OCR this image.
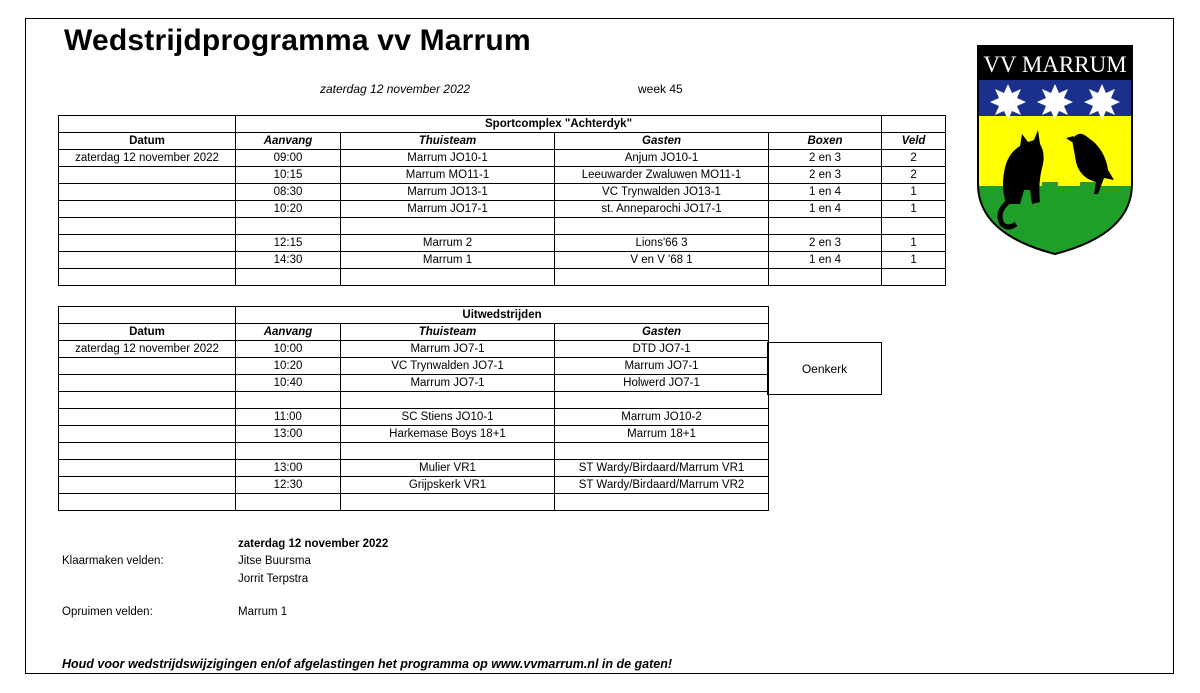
Wedstrijdprogramma vv Marrum
zaterdag 12 november 2022	week 45
VV MARRUM
	Sportcomplex "Achterdyk"				
Datum	Aanvang	Thuisteam	Gasten	Boxen	Veld
zaterdag 12 november 2022	09:00	Marrum JO10-1	Anjum JO10-1	2 en 3	2
	10:15	Marrum MO11-1	Leeuwarder Zwaluwen MO11-1	2 en 3	2
	08:30	Marrum JO13-1	VC Trynwalden JO13-1	1 en 4	1
	10:20	Marrum JO17-1	st. Anneparochi JO17-1	1 en 4	1

	12:15	Marrum 2	Lions'66 3	2 en 3	1
	14:30	Marrum 1	V en V '68 1	1 en 4	1

	Uitwedstrijden		
Datum	Aanvang	Thuisteam	Gasten
zaterdag 12 november 2022	10:00	Marrum JO7-1	DTD JO7-1
	10:20	VC Trynwalden JO7-1	Marrum JO7-1
	10:40	Marrum JO7-1	Holwerd JO7-1

	11:00	SC Stiens JO10-1	Marrum JO10-2
	13:00	Harkemase Boys 18+1	Marrum 18+1

	13:00	Mulier VR1	ST Wardy/Birdaard/Marrum VR1
	12:30	Grijpskerk VR1	ST Wardy/Birdaard/Marrum VR2

Oenkerk
zaterdag 12 november 2022
Klaarmaken velden:	Jitse Buursma
Jorrit Terpstra
Opruimen velden:	Marrum 1
Houd voor wedstrijdswijzigingen en/of afgelastingen het programma op www.vvmarrum.nl in de gaten!
